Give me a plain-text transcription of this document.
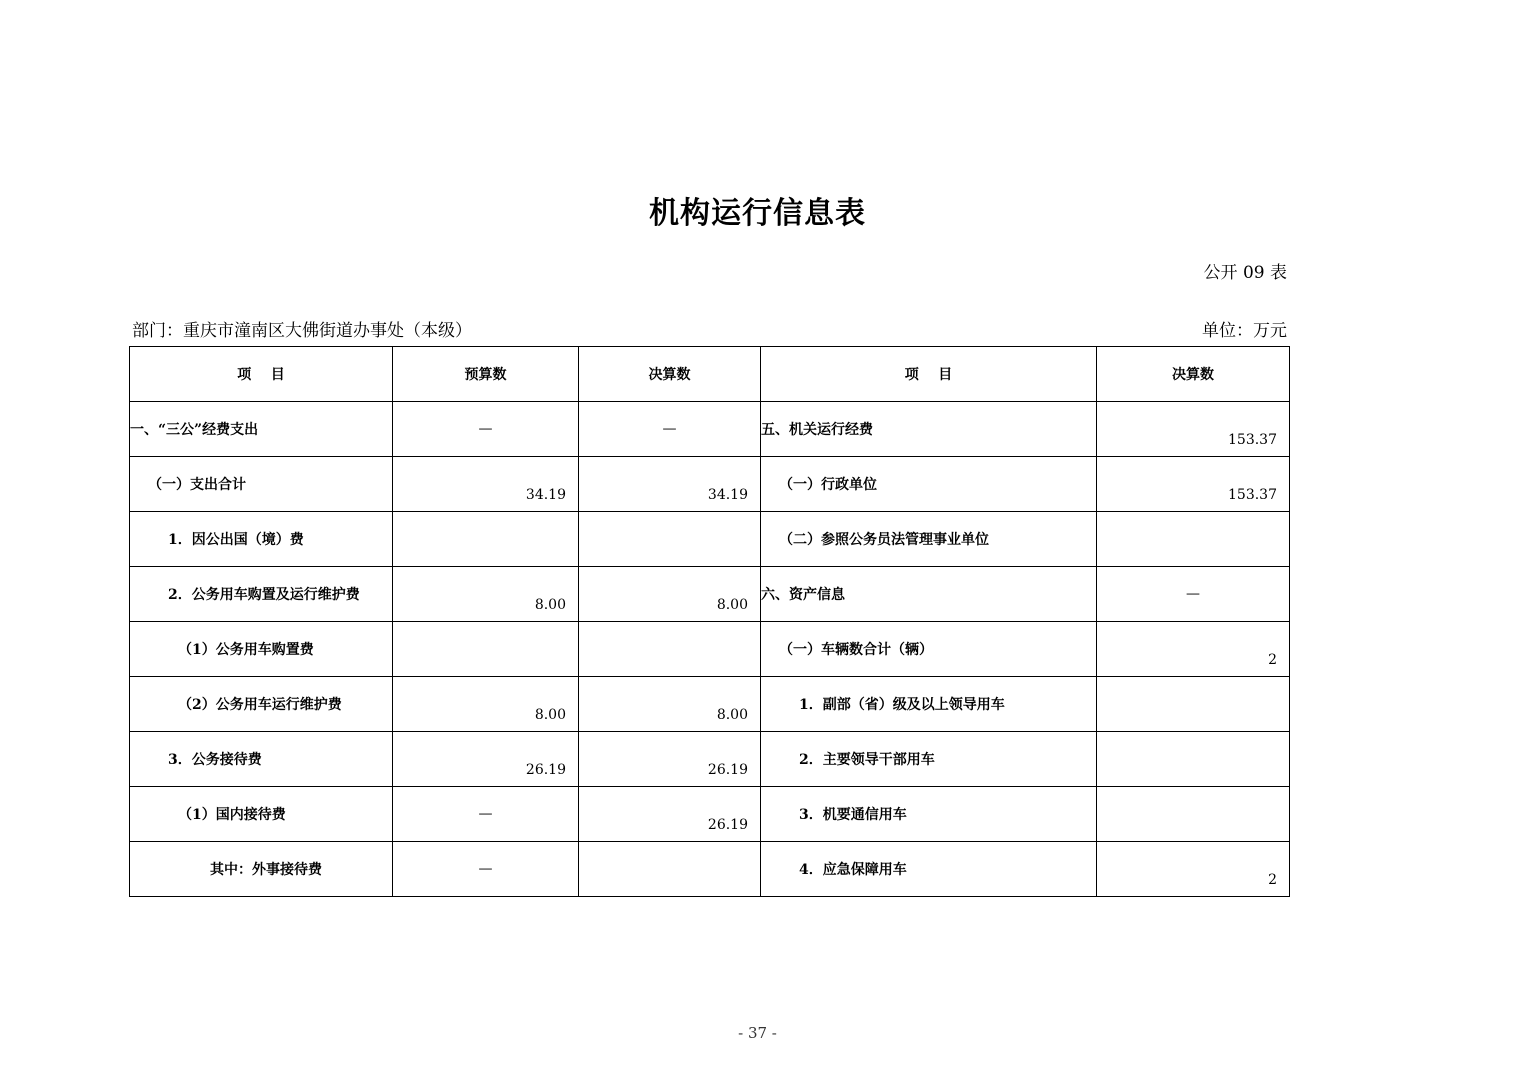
机构运行信息表
公开 09 表
部门：重庆市潼南区大佛街道办事处（本级）	单位：万元
项    目	预算数	决算数	项    目	决算数
一、“三公”经费支出	—	—	五、机关运行经费	153.37
（一）支出合计	34.19	34.19	（一）行政单位	153.37
1．因公出国（境）费			（二）参照公务员法管理事业单位	
2．公务用车购置及运行维护费	8.00	8.00	六、资产信息	—
（1）公务用车购置费			（一）车辆数合计（辆）	2
（2）公务用车运行维护费	8.00	8.00	1．副部（省）级及以上领导用车	
3．公务接待费	26.19	26.19	2．主要领导干部用车	
（1）国内接待费	—	26.19	3．机要通信用车	
其中：外事接待费	—		4．应急保障用车	2
- 37 -
